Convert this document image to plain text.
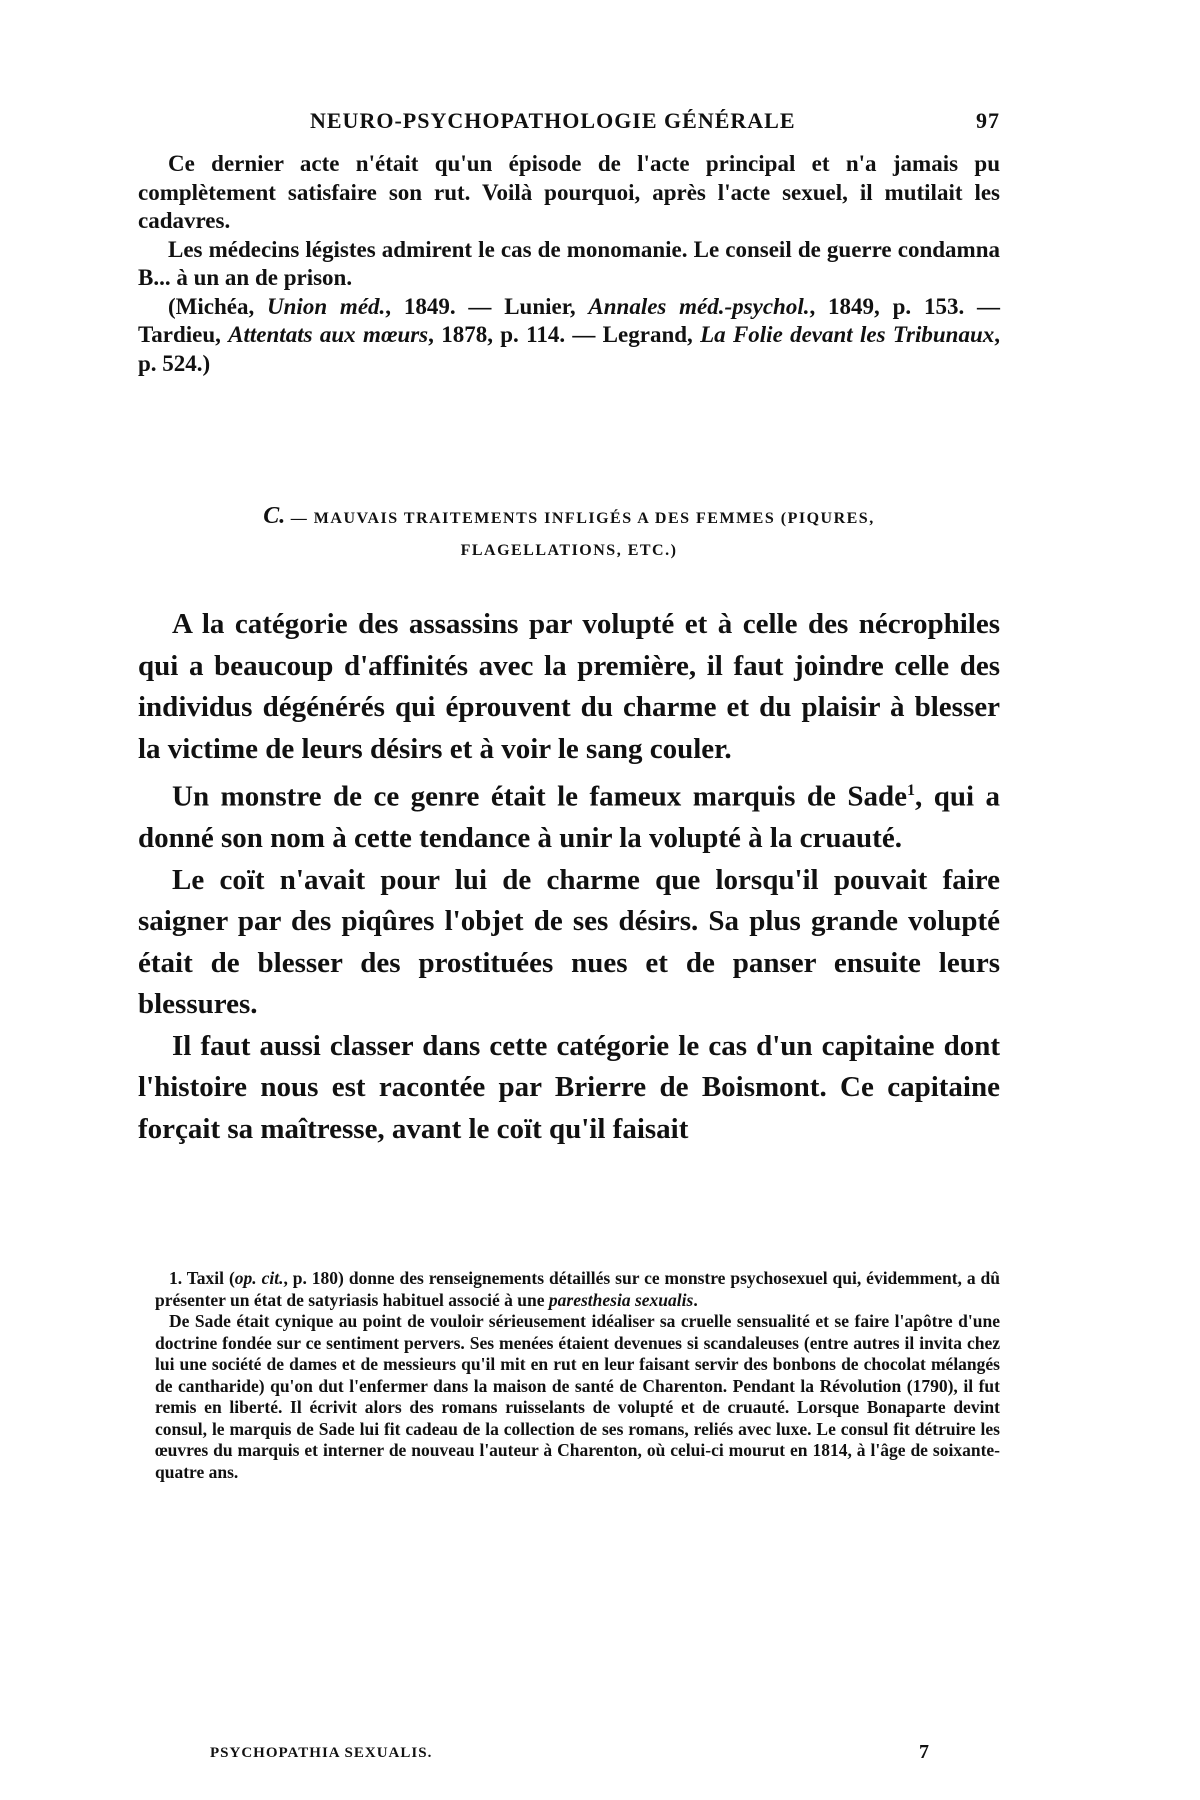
NEURO-PSYCHOPATHOLOGIE GÉNÉRALE	97

Ce dernier acte n'était qu'un épisode de l'acte principal et n'a jamais pu complètement satisfaire son rut. Voilà pourquoi, après l'acte sexuel, il mutilait les cadavres.

Les médecins légistes admirent le cas de monomanie. Le conseil de guerre condamna B... à un an de prison.

(Michéa, Union méd., 1849. — Lunier, Annales méd.-psychol., 1849, p. 153. — Tardieu, Attentats aux mœurs, 1878, p. 114. — Legrand, La Folie devant les Tribunaux, p. 524.)

C. — MAUVAIS TRAITEMENTS INFLIGÉS A DES FEMMES (PIQURES,
FLAGELLATIONS, ETC.)

A la catégorie des assassins par volupté et à celle des nécrophiles qui a beaucoup d'affinités avec la première, il faut joindre celle des individus dégénérés qui éprouvent du charme et du plaisir à blesser la victime de leurs désirs et à voir le sang couler.

Un monstre de ce genre était le fameux marquis de Sade$^1$, qui a donné son nom à cette tendance à unir la volupté à la cruauté.

Le coït n'avait pour lui de charme que lorsqu'il pouvait faire saigner par des piqûres l'objet de ses désirs. Sa plus grande volupté était de blesser des prostituées nues et de panser ensuite leurs blessures.

Il faut aussi classer dans cette catégorie le cas d'un capitaine dont l'histoire nous est racontée par Brierre de Boismont. Ce capitaine forçait sa maîtresse, avant le coït qu'il faisait

1. Taxil (op. cit., p. 180) donne des renseignements détaillés sur ce monstre psychosexuel qui, évidemment, a dû présenter un état de satyriasis habituel associé à une paresthesia sexualis.

De Sade était cynique au point de vouloir sérieusement idéaliser sa cruelle sensualité et se faire l'apôtre d'une doctrine fondée sur ce sentiment pervers. Ses menées étaient devenues si scandaleuses (entre autres il invita chez lui une société de dames et de messieurs qu'il mit en rut en leur faisant servir des bonbons de chocolat mélangés de cantharide) qu'on dut l'enfermer dans la maison de santé de Charenton. Pendant la Révolution (1790), il fut remis en liberté. Il écrivit alors des romans ruisselants de volupté et de cruauté. Lorsque Bonaparte devint consul, le marquis de Sade lui fit cadeau de la collection de ses romans, reliés avec luxe. Le consul fit détruire les œuvres du marquis et interner de nouveau l'auteur à Charenton, où celui-ci mourut en 1814, à l'âge de soixante-quatre ans.

PSYCHOPATHIA SEXUALIS.	7
